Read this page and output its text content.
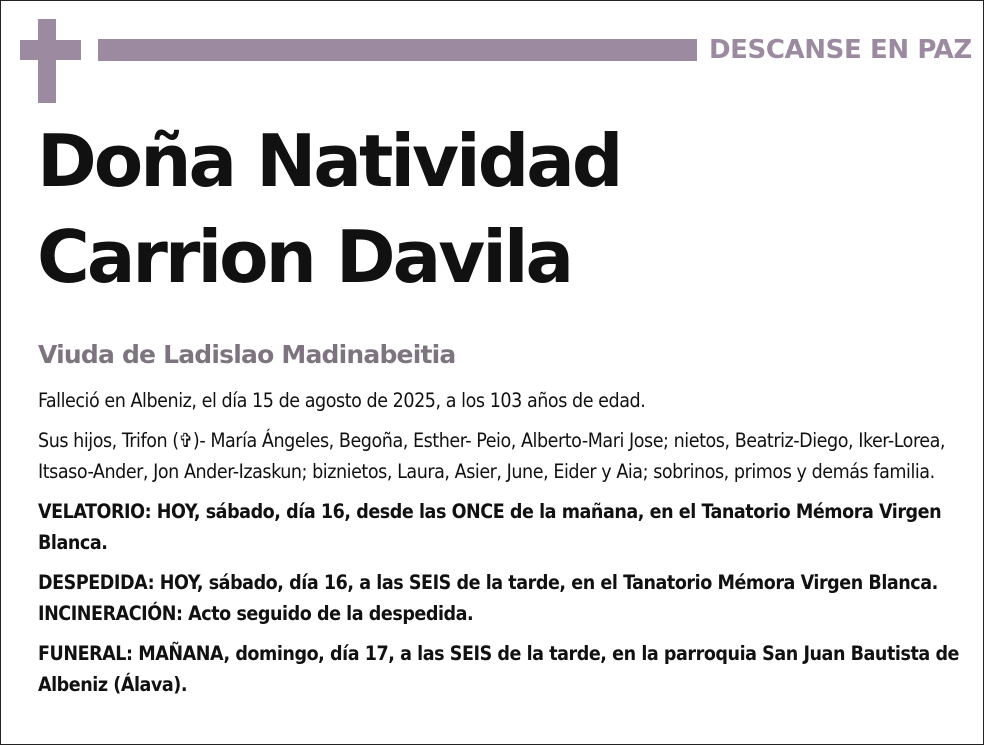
DESCANSE EN PAZ
Doña Natividad
Carrion Davila
Viuda de Ladislao Madinabeitia

Falleció en Albeniz, el día 15 de agosto de 2025, a los 103 años de edad.

Sus hijos, Trifon (✞)- María Ángeles, Begoña, Esther- Peio, Alberto-Mari Jose; nietos, Beatriz-Diego, Iker-Lorea, Itsaso-Ander, Jon Ander-Izaskun; biznietos, Laura, Asier, June, Eider y Aia; sobrinos, primos y demás familia.

VELATORIO: HOY, sábado, día 16, desde las ONCE de la mañana, en el Tanatorio Mémora Virgen Blanca.

DESPEDIDA: HOY, sábado, día 16, a las SEIS de la tarde, en el Tanatorio Mémora Virgen Blanca. INCINERACIÓN: Acto seguido de la despedida.

FUNERAL: MAÑANA, domingo, día 17, a las SEIS de la tarde, en la parroquia San Juan Bautista de Albeniz (Álava).
